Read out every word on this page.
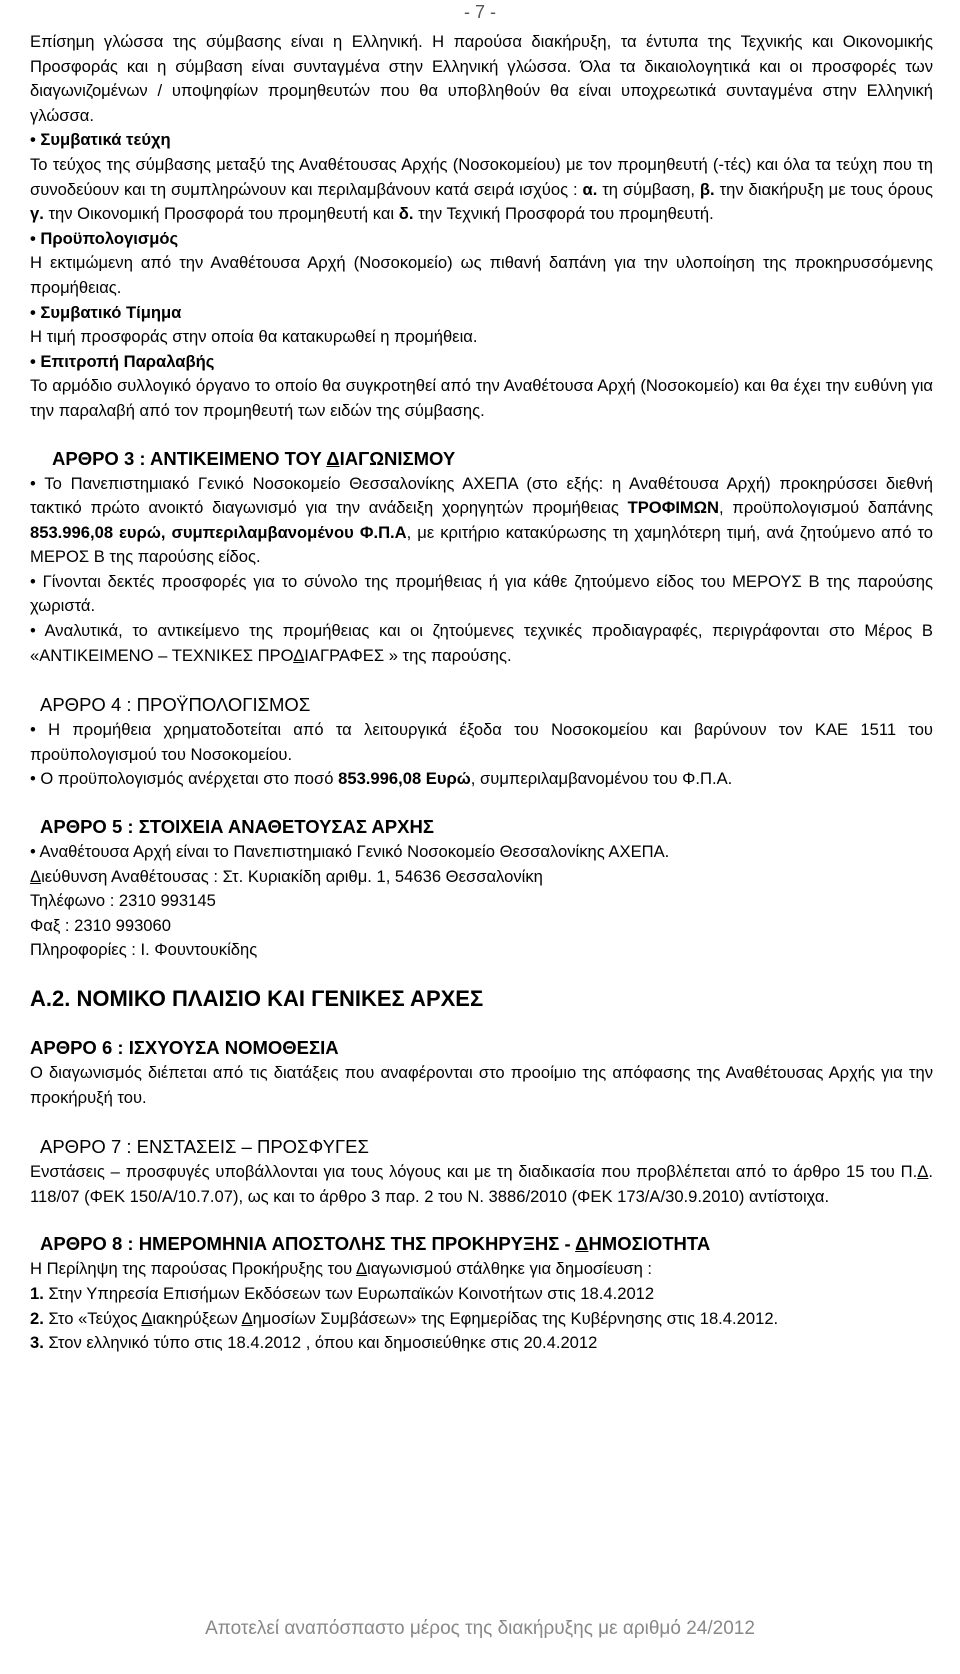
- 7 -

Επίσημη γλώσσα της σύμβασης είναι η Ελληνική. Η παρούσα διακήρυξη, τα έντυπα της Τεχνικής και Οικονομικής Προσφοράς και η σύμβαση είναι συνταγμένα στην Ελληνική γλώσσα. Όλα τα δικαιολογητικά και οι προσφορές των διαγωνιζομένων / υποψηφίων προμηθευτών που θα υποβληθούν θα είναι υποχρεωτικά συνταγμένα στην Ελληνική γλώσσα.

• Συμβατικά τεύχη

Το τεύχος της σύμβασης μεταξύ της Αναθέτουσας Αρχής (Νοσοκομείου) με τον προμηθευτή (-τές) και όλα τα τεύχη που τη συνοδεύουν και τη συμπληρώνουν και περιλαμβάνουν κατά σειρά ισχύος : α. τη σύμβαση, β. την διακήρυξη με τους όρους γ. την Οικονομική Προσφορά του προμηθευτή και δ. την Τεχνική Προσφορά του προμηθευτή.

• Προϋπολογισμός

Η εκτιμώμενη από την Αναθέτουσα Αρχή (Νοσοκομείο) ως πιθανή δαπάνη για την υλοποίηση της προκηρυσσόμενης προμήθειας.

• Συμβατικό Τίμημα

Η τιμή προσφοράς στην οποία θα κατακυρωθεί η προμήθεια.

• Επιτροπή Παραλαβής

Το αρμόδιο συλλογικό όργανο το οποίο θα συγκροτηθεί από την Αναθέτουσα Αρχή (Νοσοκομείο) και θα έχει την ευθύνη για την παραλαβή από τον προμηθευτή των ειδών της σύμβασης.

ΑΡΘΡΟ 3 : ΑΝΤΙΚΕΙΜΕΝΟ ΤΟΥ ΔΙΑΓΩΝΙΣΜΟΥ

• Το Πανεπιστημιακό Γενικό Νοσοκομείο Θεσσαλονίκης ΑΧΕΠΑ (στο εξής: η Αναθέτουσα Αρχή) προκηρύσσει διεθνή τακτικό πρώτο ανοικτό διαγωνισμό για την ανάδειξη χορηγητών προμήθειας ΤΡΟΦΙΜΩΝ, προϋπολογισμού δαπάνης 853.996,08 ευρώ, συμπεριλαμβανομένου Φ.Π.Α, με κριτήριο κατακύρωσης τη χαμηλότερη τιμή, ανά ζητούμενο από το ΜΕΡΟΣ Β της παρούσης είδος.

• Γίνονται δεκτές προσφορές για το σύνολο της προμήθειας ή για κάθε ζητούμενο είδος του ΜΕΡΟΥΣ Β της παρούσης χωριστά.

• Αναλυτικά, το αντικείμενο της προμήθειας και οι ζητούμενες τεχνικές προδιαγραφές, περιγράφονται στο Μέρος Β «ΑΝΤΙΚΕΙΜΕΝΟ – ΤΕΧΝΙΚΕΣ ΠΡΟΔΙΑΓΡΑΦΕΣ » της παρούσης.

ΑΡΘΡΟ 4 : ΠΡΟΫΠΟΛΟΓΙΣΜΟΣ

• Η προμήθεια χρηματοδοτείται από τα λειτουργικά έξοδα του Νοσοκομείου και βαρύνουν τον ΚΑΕ 1511 του προϋπολογισμού του Νοσοκομείου.

• Ο προϋπολογισμός ανέρχεται στο ποσό 853.996,08 Ευρώ, συμπεριλαμβανομένου του Φ.Π.Α.

ΑΡΘΡΟ 5 : ΣΤΟΙΧΕΙΑ ΑΝΑΘΕΤΟΥΣΑΣ ΑΡΧΗΣ

• Αναθέτουσα Αρχή είναι το Πανεπιστημιακό Γενικό Νοσοκομείο Θεσσαλονίκης ΑΧΕΠΑ.

Διεύθυνση Αναθέτουσας : Στ. Κυριακίδη αριθμ. 1, 54636 Θεσσαλονίκη

Τηλέφωνο : 2310 993145

Φαξ : 2310 993060

Πληροφορίες : Ι. Φουντουκίδης

Α.2. ΝΟΜΙΚΟ ΠΛΑΙΣΙΟ ΚΑΙ ΓΕΝΙΚΕΣ ΑΡΧΕΣ

ΑΡΘΡΟ 6 : ΙΣΧΥΟΥΣΑ ΝΟΜΟΘΕΣΙΑ

Ο διαγωνισμός διέπεται από τις διατάξεις που αναφέρονται στο προοίμιο της απόφασης της Αναθέτουσας Αρχής για την προκήρυξή του.

ΑΡΘΡΟ 7 : ΕΝΣΤΑΣΕΙΣ – ΠΡΟΣΦΥΓΕΣ

Ενστάσεις – προσφυγές υποβάλλονται για τους λόγους και με τη διαδικασία που προβλέπεται από το άρθρο 15 του Π.Δ. 118/07 (ΦΕΚ 150/Α/10.7.07), ως και το άρθρο 3 παρ. 2 του Ν. 3886/2010 (ΦΕΚ 173/Α/30.9.2010) αντίστοιχα.

ΑΡΘΡΟ 8 : ΗΜΕΡΟΜΗΝΙΑ ΑΠΟΣΤΟΛΗΣ ΤΗΣ ΠΡΟΚΗΡΥΞΗΣ - ΔΗΜΟΣΙΟΤΗΤΑ

Η Περίληψη της παρούσας Προκήρυξης του Διαγωνισμού στάλθηκε για δημοσίευση :

1. Στην Υπηρεσία Επισήμων Εκδόσεων των Ευρωπαϊκών Κοινοτήτων στις 18.4.2012

2. Στο «Τεύχος Διακηρύξεων Δημοσίων Συμβάσεων» της Εφημερίδας της Κυβέρνησης στις 18.4.2012.

3. Στον ελληνικό τύπο στις 18.4.2012 , όπου και δημοσιεύθηκε στις 20.4.2012

Αποτελεί αναπόσπαστο μέρος της διακήρυξης με αριθμό 24/2012
